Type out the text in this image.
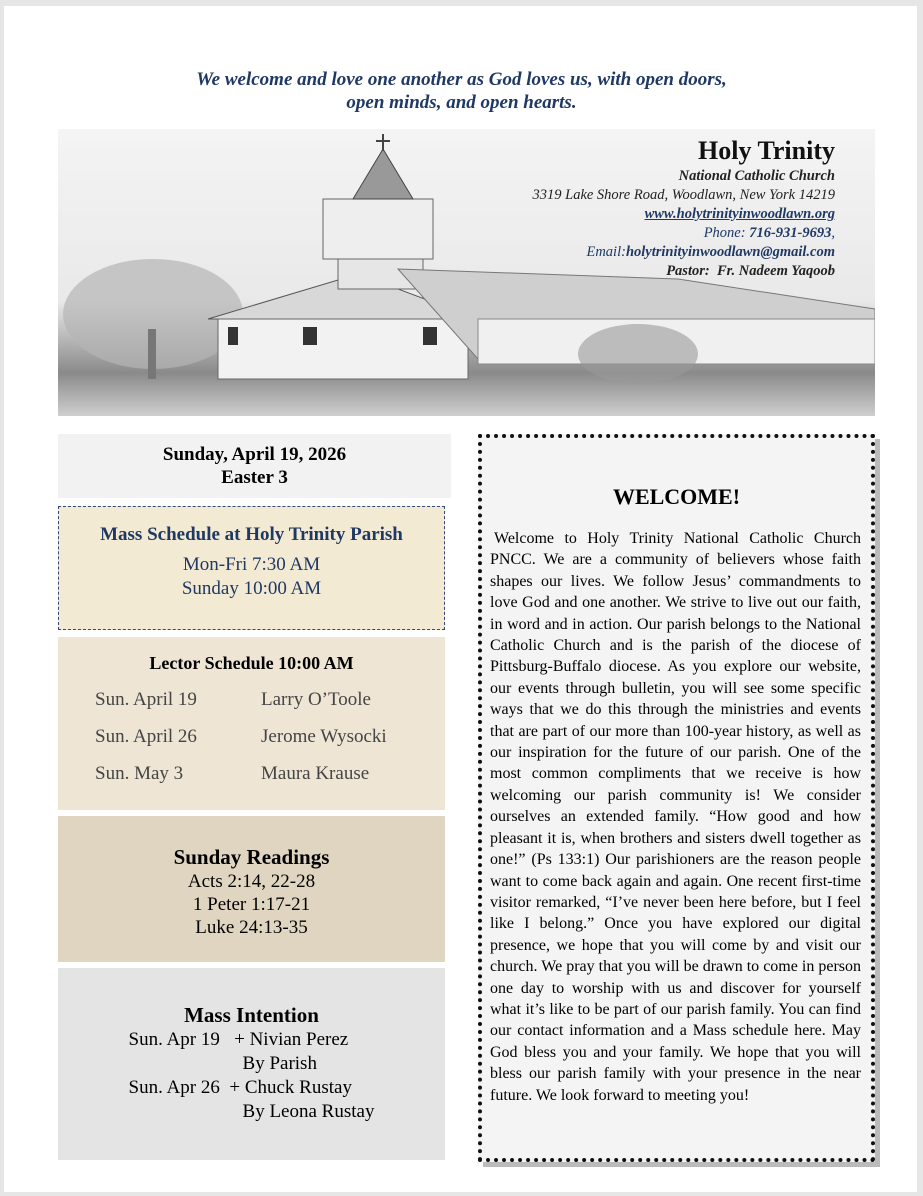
We welcome and love one another as God loves us, with open doors,
open minds, and open hearts.
Holy Trinity
National Catholic Church
3319 Lake Shore Road, Woodlawn, New York 14219
www.holytrinityinwoodlawn.org
Phone: 716-931-9693,
Email:holytrinityinwoodlawn@gmail.com
Pastor:  Fr. Nadeem Yaqoob
Sunday, April 19, 2026
Easter 3
Mass Schedule at Holy Trinity Parish
Mon-Fri 7:30 AM
Sunday 10:00 AM
Lector Schedule 10:00 AM
Sun. April 19	Larry O’Toole
Sun. April 26	Jerome Wysocki
Sun. May 3	Maura Krause
Sunday Readings
Acts 2:14, 22-28
1 Peter 1:17-21
Luke 24:13-35
Mass Intention
Sun. Apr 19   + Nivian Perez
By Parish
Sun. Apr 26  + Chuck Rustay
By Leona Rustay
WELCOME!

Welcome to Holy Trinity National Catholic Church PNCC. We are a community of believers whose faith shapes our lives. We follow Jesus’ commandments to love God and one another. We strive to live out our faith, in word and in action. Our parish belongs to the National Catholic Church and is the parish of the diocese of Pittsburg-Buffalo diocese. As you explore our website, our events through bulletin, you will see some specific ways that we do this through the ministries and events that are part of our more than 100-year history, as well as our inspiration for the future of our parish. One of the most common compliments that we receive is how welcoming our parish community is! We consider ourselves an extended family. “How good and how pleasant it is, when brothers and sisters dwell together as one!” (Ps 133:1) Our parishioners are the reason people want to come back again and again. One recent first-time visitor remarked, “I’ve never been here before, but I feel like I belong.” Once you have explored our digital presence, we hope that you will come by and visit our church. We pray that you will be drawn to come in person one day to worship with us and discover for yourself what it’s like to be part of our parish family. You can find our contact information and a Mass schedule here. May God bless you and your family. We hope that you will bless our parish family with your presence in the near future. We look forward to meeting you!
